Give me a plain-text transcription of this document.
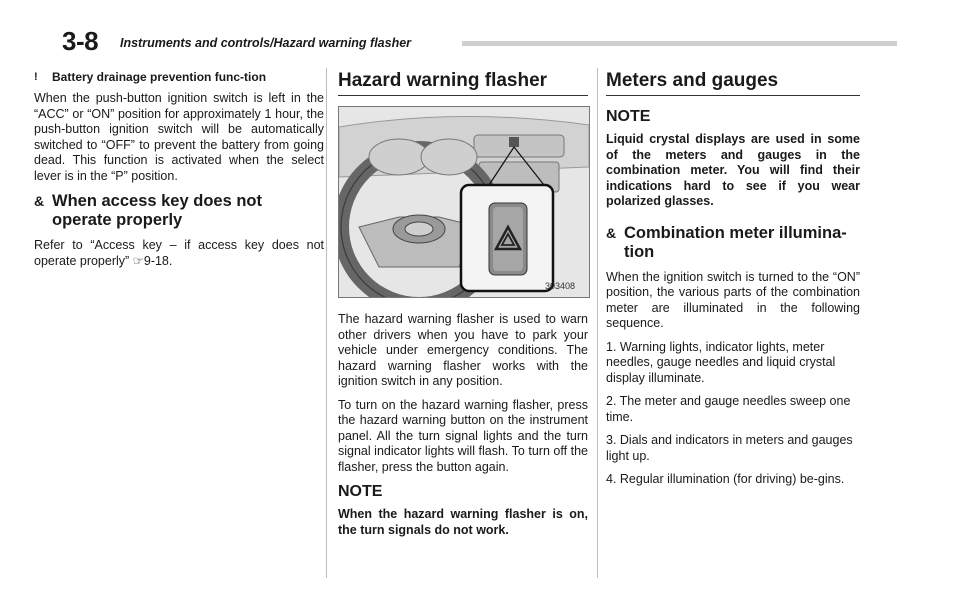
3-8 Instruments and controls/Hazard warning flasher
!	Battery drainage prevention func-tion

When the push-button ignition switch is left in the “ACC” or “ON” position for approximately 1 hour, the push-button ignition switch will be automatically switched to “OFF” to prevent the battery from going dead. This function is activated when the select lever is in the “P” position.

& When access key does not operate properly

Refer to “Access key – if access key does not operate properly” ☞9-18.

Hazard warning flasher
303408

The hazard warning flasher is used to warn other drivers when you have to park your vehicle under emergency conditions. The hazard warning flasher works with the ignition switch in any position.

To turn on the hazard warning flasher, press the hazard warning button on the instrument panel. All the turn signal lights and the turn signal indicator lights will flash. To turn off the flasher, press the button again.

NOTE

When the hazard warning flasher is on, the turn signals do not work.

Meters and gauges
NOTE

Liquid crystal displays are used in some of the meters and gauges in the combination meter. You will find their indications hard to see if you wear polarized glasses.

& Combination meter illumina-tion

When the ignition switch is turned to the “ON” position, the various parts of the combination meter are illuminated in the following sequence.

1. Warning lights, indicator lights, meter needles, gauge needles and liquid crystal display illuminate.

2. The meter and gauge needles sweep one time.

3. Dials and indicators in meters and gauges light up.

4. Regular illumination (for driving) be-gins.
